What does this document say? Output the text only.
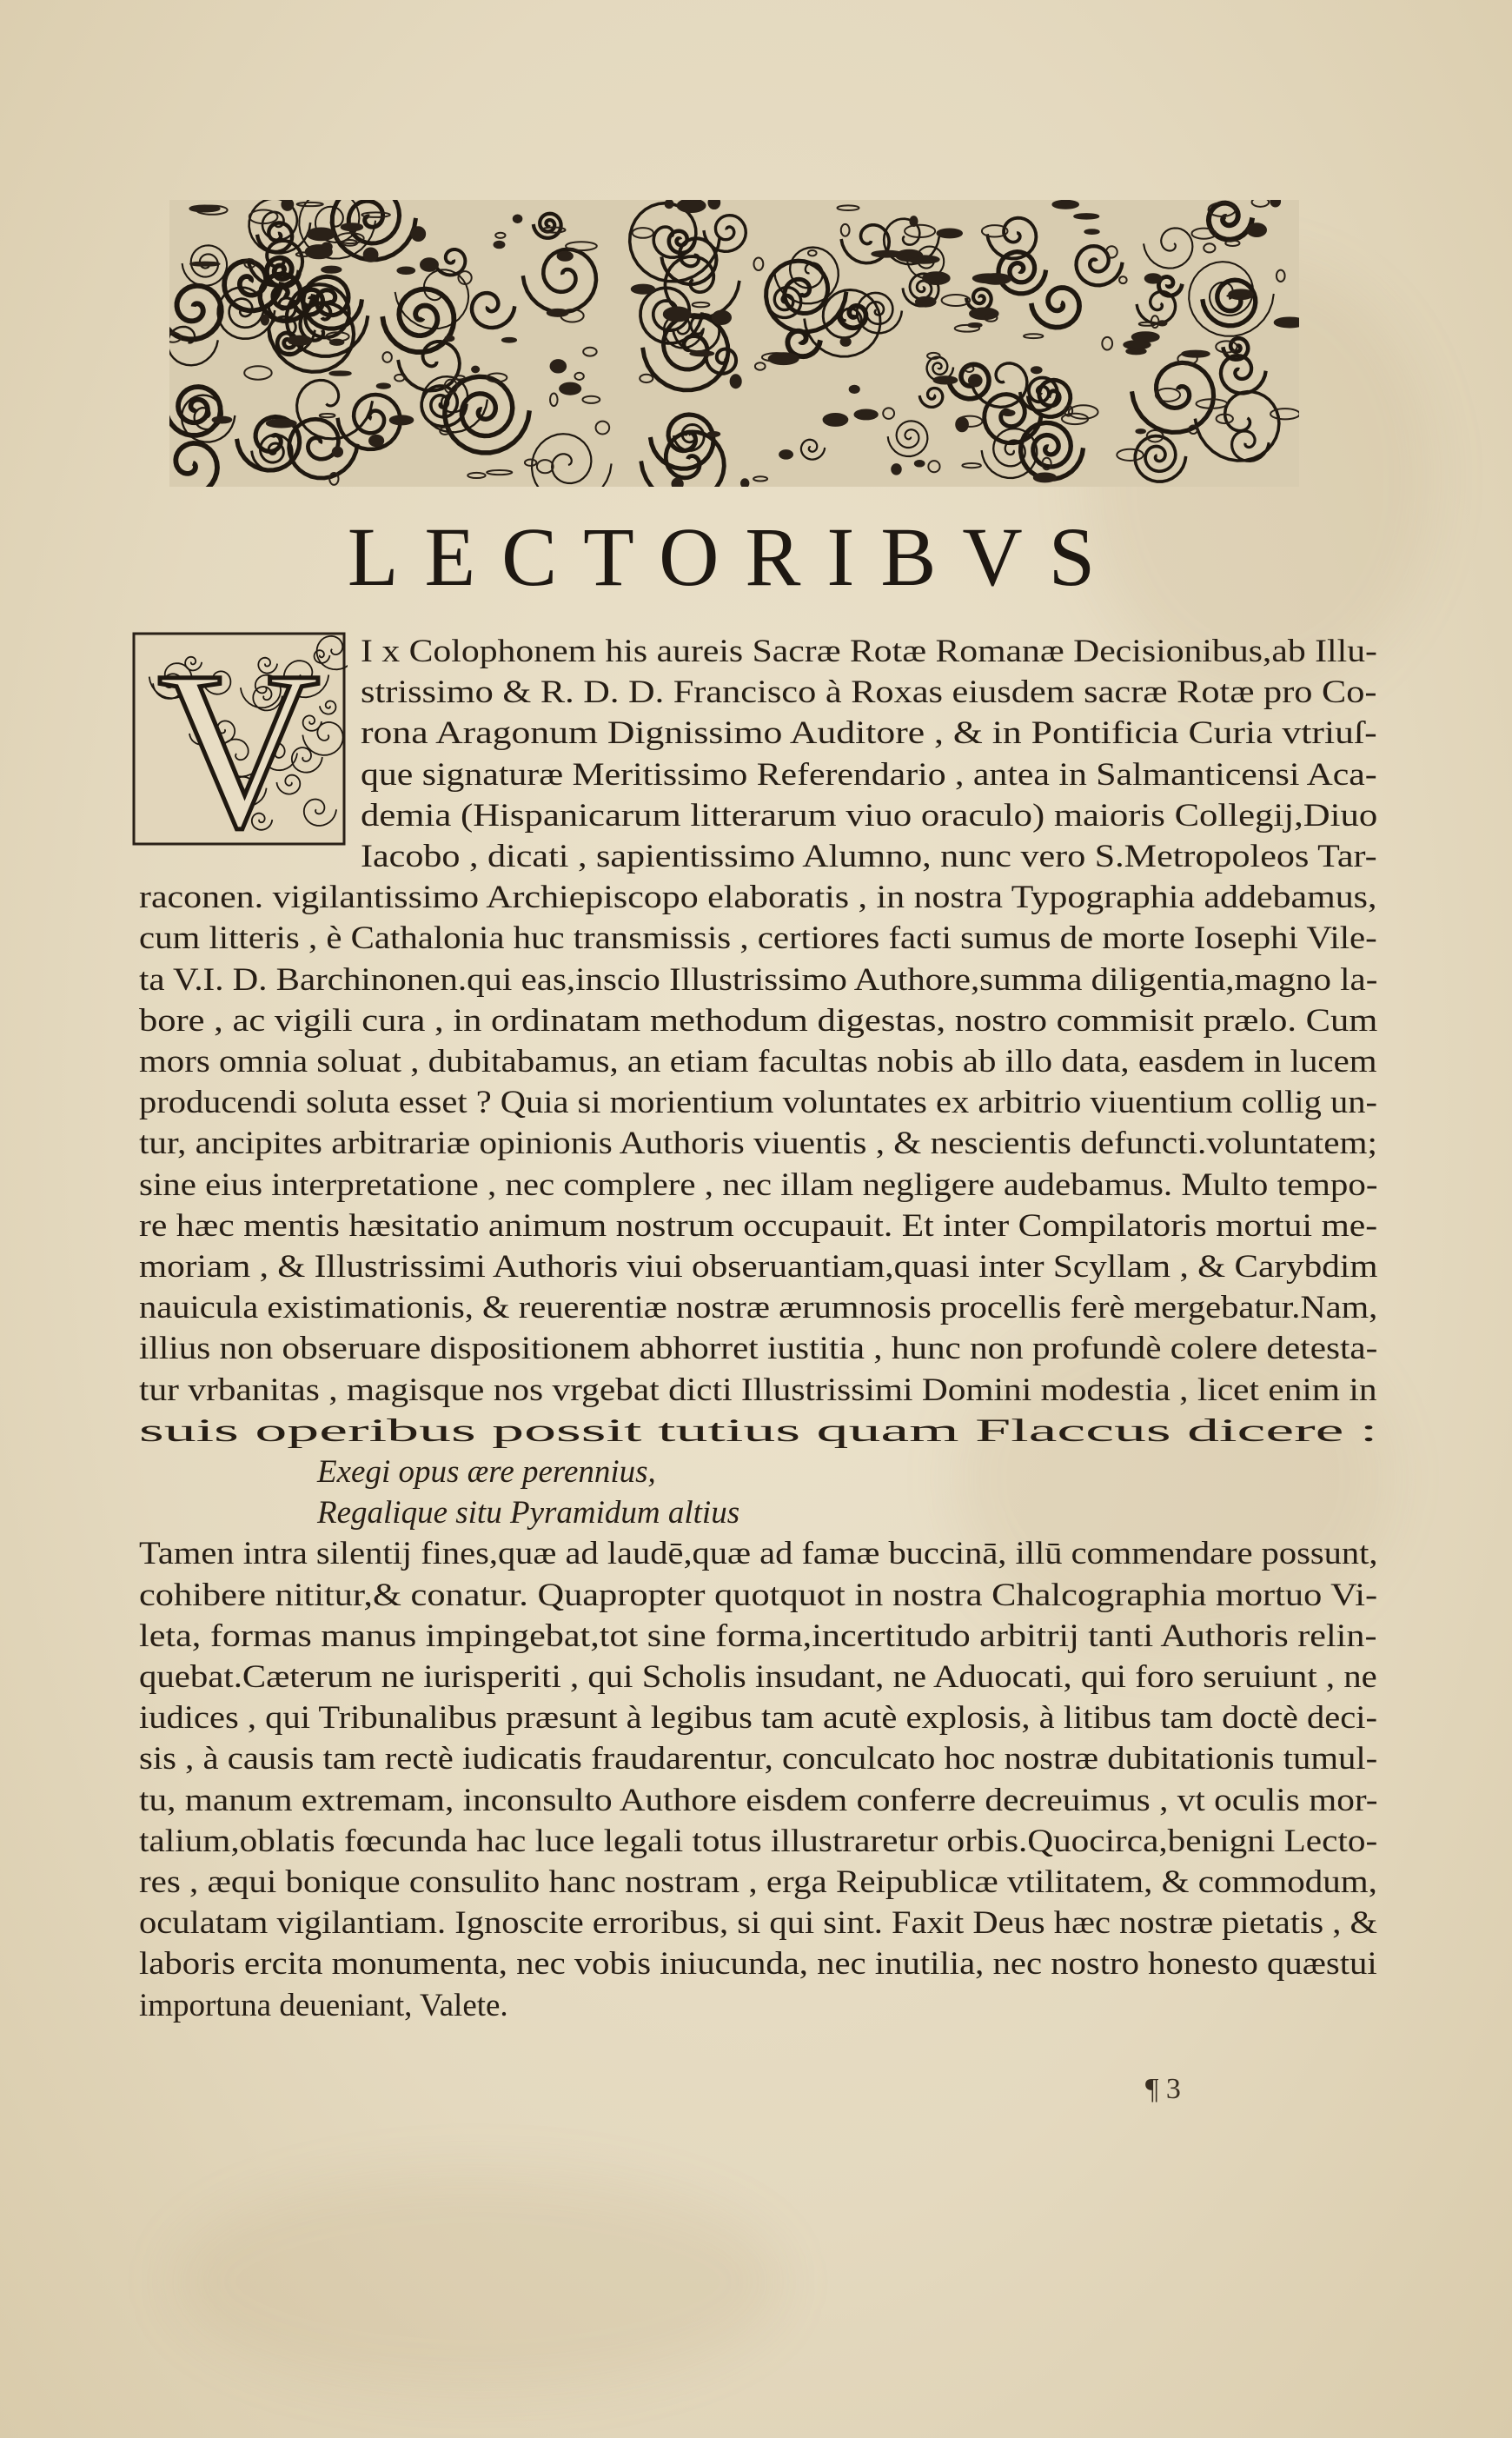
LECTORIBVS
V I x Colophonem his aureis Sacræ Rotæ Romanæ Decisionibus,ab Illu-
strissimo & R. D. D. Francisco à Roxas eiusdem sacræ Rotæ pro Co-
rona Aragonum Dignissimo Auditore , & in Pontificia Curia vtriuſ-
que signaturæ Meritissimo Referendario , antea in Salmanticensi Aca-
demia (Hispanicarum litterarum viuo oraculo) maioris Collegij,Diuo
Iacobo , dicati , sapientissimo Alumno, nunc vero S.Metropoleos Tar-
raconen. vigilantissimo Archiepiscopo elaboratis , in nostra Typographia addebamus,
cum litteris , è Cathalonia huc transmissis , certiores facti sumus de morte Iosephi Vile-
ta V.I. D. Barchinonen.qui eas,inscio Illustrissimo Authore,summa diligentia,magno la-
bore , ac vigili cura , in ordinatam methodum digestas, nostro commisit prælo. Cum
mors omnia soluat , dubitabamus, an etiam facultas nobis ab illo data, easdem in lucem
producendi soluta esset ? Quia si morientium voluntates ex arbitrio viuentium collig un-
tur, ancipites arbitrariæ opinionis Authoris viuentis , & nescientis defuncti.voluntatem;
sine eius interpretatione , nec complere , nec illam negligere audebamus. Multo tempo-
re hæc mentis hæsitatio animum nostrum occupauit. Et inter Compilatoris mortui me-
moriam , & Illustrissimi Authoris viui obseruantiam,quasi inter Scyllam , & Carybdim
nauicula existimationis, & reuerentiæ nostræ ærumnosis procellis ferè mergebatur.Nam,
illius non obseruare dispositionem abhorret iustitia , hunc non profundè colere detesta-
tur vrbanitas , magisque nos vrgebat dicti Illustrissimi Domini modestia , licet enim in
suis operibus possit tutius quam Flaccus dicere :
Exegi opus ære perennius,
Regalique situ Pyramidum altius
Tamen intra silentij fines,quæ ad laudē,quæ ad famæ buccinā, illū commendare possunt,
cohibere nititur,& conatur. Quapropter quotquot in nostra Chalcographia mortuo Vi-
leta, formas manus impingebat,tot sine forma,incertitudo arbitrij tanti Authoris relin-
quebat.Cæterum ne iurisperiti , qui Scholis insudant, ne Aduocati, qui foro seruiunt , ne
iudices , qui Tribunalibus præsunt à legibus tam acutè explosis, à litibus tam doctè deci-
sis , à causis tam rectè iudicatis fraudarentur, conculcato hoc nostræ dubitationis tumul-
tu, manum extremam, inconsulto Authore eisdem conferre decreuimus , vt oculis mor-
talium,oblatis fœcunda hac luce legali totus illustraretur orbis.Quocirca,benigni Lecto-
res , æqui bonique consulito hanc nostram , erga Reipublicæ vtilitatem, & commodum,
oculatam vigilantiam. Ignoscite erroribus, si qui sint. Faxit Deus hæc nostræ pietatis , &
laboris ercita monumenta, nec vobis iniucunda, nec inutilia, nec nostro honesto quæstui
importuna deueniant, Valete.
¶ 3
